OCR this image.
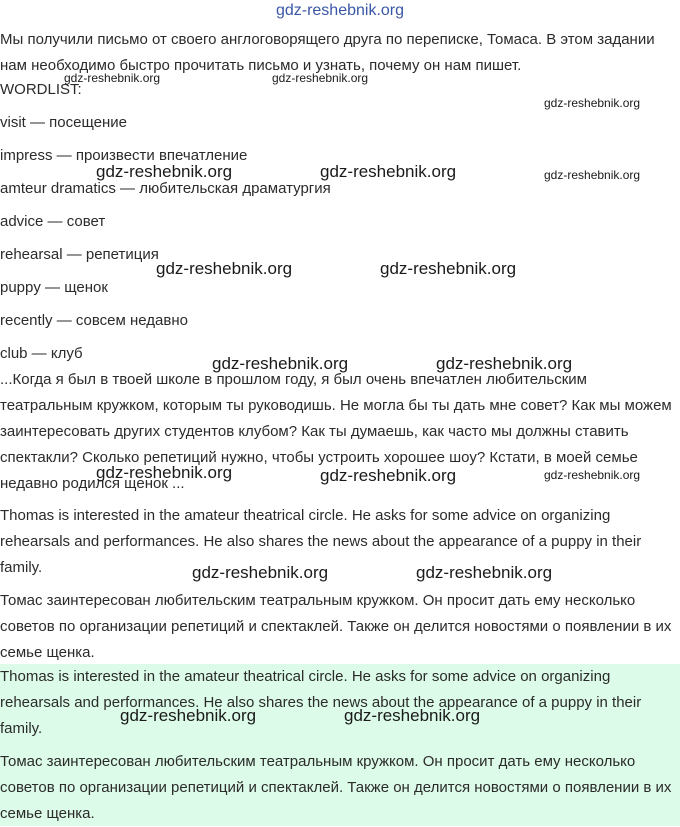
gdz-reshebnik.org

Мы получили письмо от своего англоговорящего друга по переписке, Томаса. В этом задании нам необходимо быстро прочитать письмо и узнать, почему он нам пишет.

WORDLIST:

visit — посещение

impress — произвести впечатление

amteur dramatics — любительская драматургия

advice — совет

rehearsal — репетиция

puppy — щенок

recently — совсем недавно

club — клуб

...Когда я был в твоей школе в прошлом году, я был очень впечатлен любительским театральным кружком, которым ты руководишь. Не могла бы ты дать мне совет? Как мы можем заинтересовать других студентов клубом? Как ты думаешь, как часто мы должны ставить спектакли? Сколько репетиций нужно, чтобы устроить хорошее шоу? Кстати, в моей семье недавно родился щенок ...

Thomas is interested in the amateur theatrical circle. He asks for some advice on organizing rehearsals and performances. He also shares the news about the appearance of a puppy in their family.

Томас заинтересован любительским театральным кружком. Он просит дать ему несколько советов по организации репетиций и спектаклей. Также он делится новостями о появлении в их семье щенка.

Thomas is interested in the amateur theatrical circle. He asks for some advice on organizing rehearsals and performances. He also shares the news about the appearance of a puppy in their family.

Томас заинтересован любительским театральным кружком. Он просит дать ему несколько советов по организации репетиций и спектаклей. Также он делится новостями о появлении в их семье щенка.

gdz-reshebnik.org	gdz-reshebnik.org
gdz-reshebnik.org
gdz-reshebnik.org	gdz-reshebnik.org	gdz-reshebnik.org
gdz-reshebnik.org	gdz-reshebnik.org
gdz-reshebnik.org	gdz-reshebnik.org
gdz-reshebnik.org	gdz-reshebnik.org	gdz-reshebnik.org
gdz-reshebnik.org	gdz-reshebnik.org
gdz-reshebnik.org	gdz-reshebnik.org
